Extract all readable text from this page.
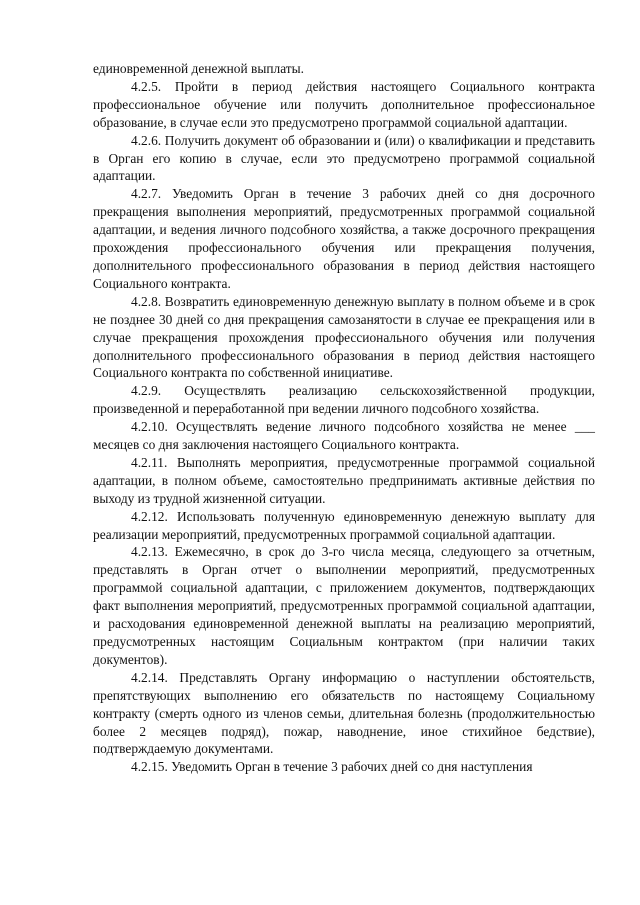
единовременной денежной выплаты.

4.2.5. Пройти в период действия настоящего Социального контракта профессиональное обучение или получить дополнительное профессиональное образование, в случае если это предусмотрено программой социальной адаптации.

4.2.6. Получить документ об образовании и (или) о квалификации и представить в Орган его копию в случае, если это предусмотрено программой социальной адаптации.

4.2.7. Уведомить Орган в течение 3 рабочих дней со дня досрочного прекращения выполнения мероприятий, предусмотренных программой социальной адаптации, и ведения личного подсобного хозяйства, а также досрочного прекращения прохождения профессионального обучения или прекращения получения, дополнительного профессионального образования в период действия настоящего Социального контракта.

4.2.8. Возвратить единовременную денежную выплату в полном объеме и в срок не позднее 30 дней со дня прекращения самозанятости в случае ее прекращения или в случае прекращения прохождения профессионального обучения или получения дополнительного профессионального образования в период действия настоящего Социального контракта по собственной инициативе.

4.2.9. Осуществлять реализацию сельскохозяйственной продукции, произведенной и переработанной при ведении личного подсобного хозяйства.

4.2.10. Осуществлять ведение личного подсобного хозяйства не менее ___ месяцев со дня заключения настоящего Социального контракта.

4.2.11. Выполнять мероприятия, предусмотренные программой социальной адаптации, в полном объеме, самостоятельно предпринимать активные действия по выходу из трудной жизненной ситуации.

4.2.12. Использовать полученную единовременную денежную выплату для реализации мероприятий, предусмотренных программой социальной адаптации.

4.2.13. Ежемесячно, в срок до 3-го числа месяца, следующего за отчетным, представлять в Орган отчет о выполнении мероприятий, предусмотренных программой социальной адаптации, с приложением документов, подтверждающих факт выполнения мероприятий, предусмотренных программой социальной адаптации, и расходования единовременной денежной выплаты на реализацию мероприятий, предусмотренных настоящим Социальным контрактом (при наличии таких документов).

4.2.14. Представлять Органу информацию о наступлении обстоятельств, препятствующих выполнению его обязательств по настоящему Социальному контракту (смерть одного из членов семьи, длительная болезнь (продолжительностью более 2 месяцев подряд), пожар, наводнение, иное стихийное бедствие), подтверждаемую документами.

4.2.15. Уведомить Орган в течение 3 рабочих дней со дня наступления
